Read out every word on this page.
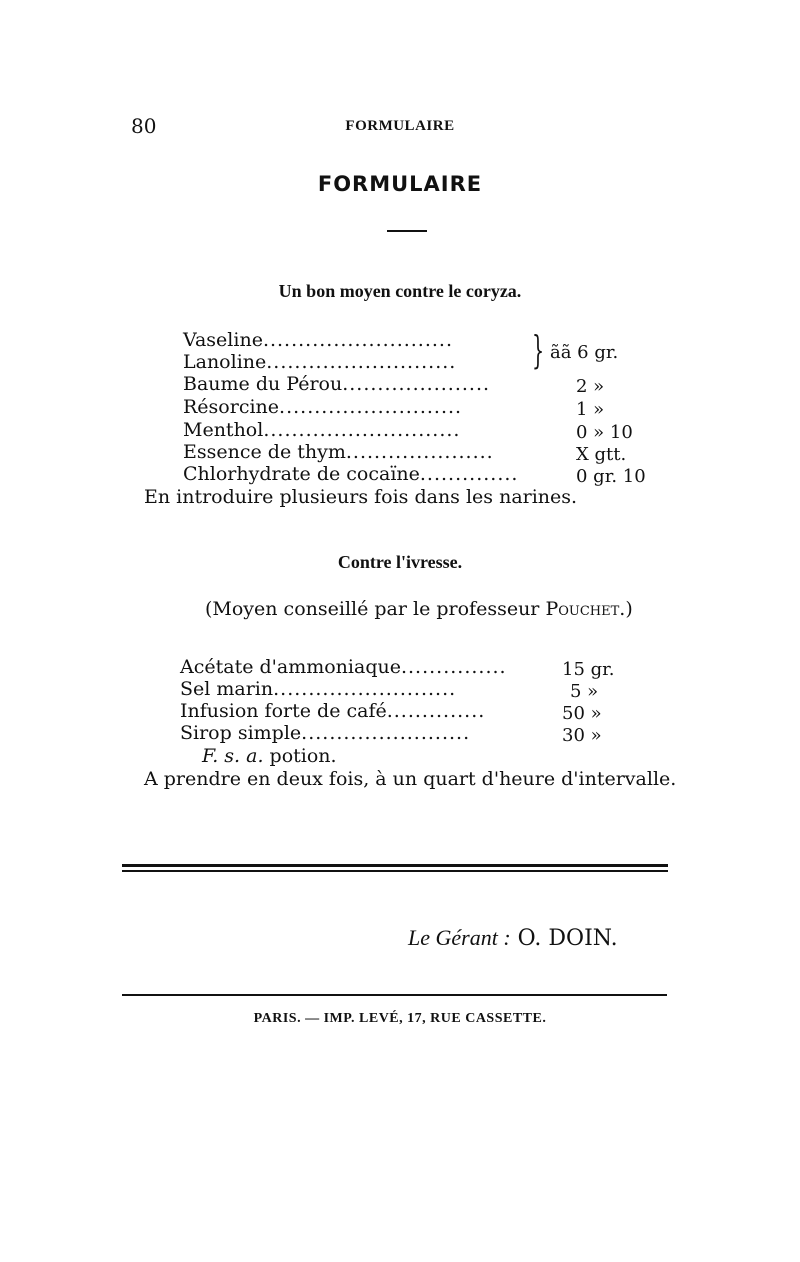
80	FORMULAIRE
FORMULAIRE
Un bon moyen contre le coryza.
Vaseline...........................
Lanoline...........................	} ãã 6 gr.
Baume du Pérou.....................	2 »
Résorcine..........................	1 »
Menthol............................	0 » 10
Essence de thym.....................	X gtt.
Chlorhydrate de cocaïne..............	0 gr. 10
En introduire plusieurs fois dans les narines.
Contre l'ivresse.
(Moyen conseillé par le professeur Pouchet.)
Acétate d'ammoniaque...............	15 gr.
Sel marin..........................	5 »
Infusion forte de café..............	50 »
Sirop simple........................	30 »
F. s. a. potion.
A prendre en deux fois, à un quart d'heure d'intervalle.
Le Gérant : O. DOIN.
PARIS. — IMP. LEVÉ, 17, RUE CASSETTE.
